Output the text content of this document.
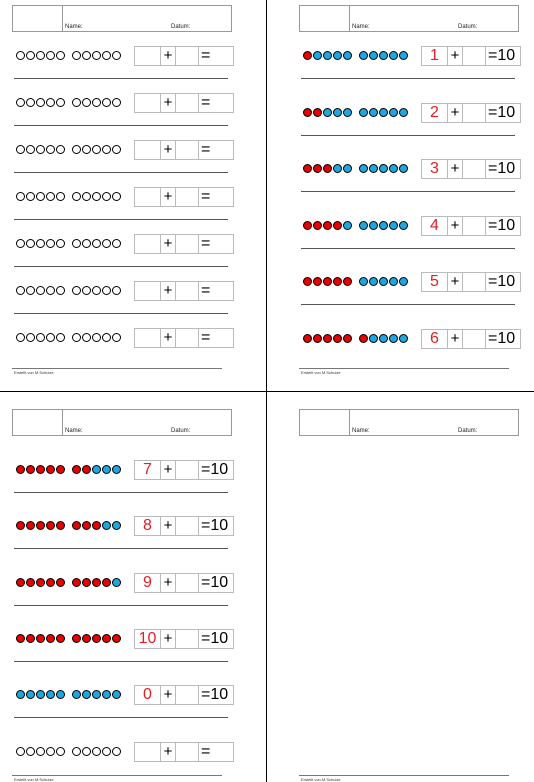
Name:	Datum:
+ =
+ =
+ =
+ =
+ =
+ =
+ =
Erstellt von M.Schulze
Name:	Datum:
1 + =10
2 + =10
3 + =10
4 + =10
5 + =10
6 + =10
Erstellt von M.Schulze
Name:	Datum:
7 + =10
8 + =10
9 + =10
10 + =10
0 + =10
+ =
Erstellt von M.Schulze
Name:	Datum:
Erstellt von M.Schulze
